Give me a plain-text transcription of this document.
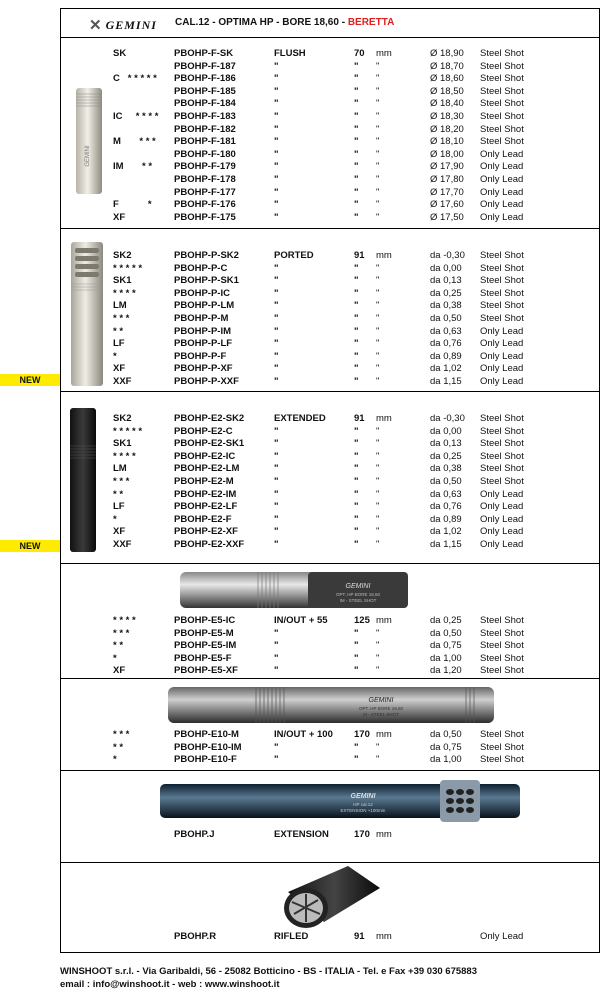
✕ GEMINI CAL.12 - OPTIMA HP - BORE 18,60 - BERETTA
GEMINI
GEMINI
OPT. HP BORE 18,60
IM - STEEL SHOT
GEMINI
OPT. HP BORE 18,60
M - STEEL SHOT
GEMINI
HP cal.12
EXTENSION +100mm
NEW
NEW
SK	PBOHP-F-SK	FLUSH	70 mm	Ø 18,90 Steel Shot
PBOHP-F-187	"	" "	Ø 18,70 Steel Shot
C   * * * * *	PBOHP-F-186	"	" "	Ø 18,60 Steel Shot
PBOHP-F-185	"	" "	Ø 18,50 Steel Shot
PBOHP-F-184	"	" "	Ø 18,40 Steel Shot
IC     * * * *	PBOHP-F-183	"	" "	Ø 18,30 Steel Shot
PBOHP-F-182	"	" "	Ø 18,20 Steel Shot
M       * * *	PBOHP-F-181	"	" "	Ø 18,10 Steel Shot
PBOHP-F-180	"	" "	Ø 18,00 Only Lead
IM       * *	PBOHP-F-179	"	" "	Ø 17,90 Only Lead
PBOHP-F-178	"	" "	Ø 17,80 Only Lead
PBOHP-F-177	"	" "	Ø 17,70 Only Lead
F           *	PBOHP-F-176	"	" "	Ø 17,60 Only Lead
XF	PBOHP-F-175	"	" "	Ø 17,50 Only Lead
SK2	PBOHP-P-SK2	PORTED	91 mm	da -0,30 Steel Shot
* * * * *	PBOHP-P-C	"	" "	da 0,00 Steel Shot
SK1	PBOHP-P-SK1	"	" "	da 0,13 Steel Shot
* * * *	PBOHP-P-IC	"	" "	da 0,25 Steel Shot
LM	PBOHP-P-LM	"	" "	da 0,38 Steel Shot
* * *	PBOHP-P-M	"	" "	da 0,50 Steel Shot
* *	PBOHP-P-IM	"	" "	da 0,63 Only Lead
LF	PBOHP-P-LF	"	" "	da 0,76 Only Lead
*	PBOHP-P-F	"	" "	da 0,89 Only Lead
XF	PBOHP-P-XF	"	" "	da 1,02 Only Lead
XXF	PBOHP-P-XXF	"	" "	da 1,15 Only Lead
SK2	PBOHP-E2-SK2	EXTENDED	91 mm	da -0,30 Steel Shot
* * * * *	PBOHP-E2-C	"	" "	da 0,00 Steel Shot
SK1	PBOHP-E2-SK1	"	" "	da 0,13 Steel Shot
* * * *	PBOHP-E2-IC	"	" "	da 0,25 Steel Shot
LM	PBOHP-E2-LM	"	" "	da 0,38 Steel Shot
* * *	PBOHP-E2-M	"	" "	da 0,50 Steel Shot
* *	PBOHP-E2-IM	"	" "	da 0,63 Only Lead
LF	PBOHP-E2-LF	"	" "	da 0,76 Only Lead
*	PBOHP-E2-F	"	" "	da 0,89 Only Lead
XF	PBOHP-E2-XF	"	" "	da 1,02 Only Lead
XXF	PBOHP-E2-XXF	"	" "	da 1,15 Only Lead
* * * *	PBOHP-E5-IC	IN/OUT + 55	125 mm	da 0,25 Steel Shot
* * *	PBOHP-E5-M	"	" "	da 0,50 Steel Shot
* *	PBOHP-E5-IM	"	" "	da 0,75 Steel Shot
*	PBOHP-E5-F	"	" "	da 1,00 Steel Shot
XF	PBOHP-E5-XF	"	" "	da 1,20 Steel Shot
* * *	PBOHP-E10-M	IN/OUT + 100 170 mm	da 0,50 Steel Shot
* *	PBOHP-E10-IM	"	" "	da 0,75 Steel Shot
*	PBOHP-E10-F	"	" "	da 1,00 Steel Shot
PBOHP.J	EXTENSION	170 mm
PBOHP.R	RIFLED	91 mm	Only Lead
WINSHOOT s.r.l. - Via Garibaldi, 56 - 25082 Botticino - BS - ITALIA - Tel. e Fax +39 030 675883
email : info@winshoot.it - web : www.winshoot.it
